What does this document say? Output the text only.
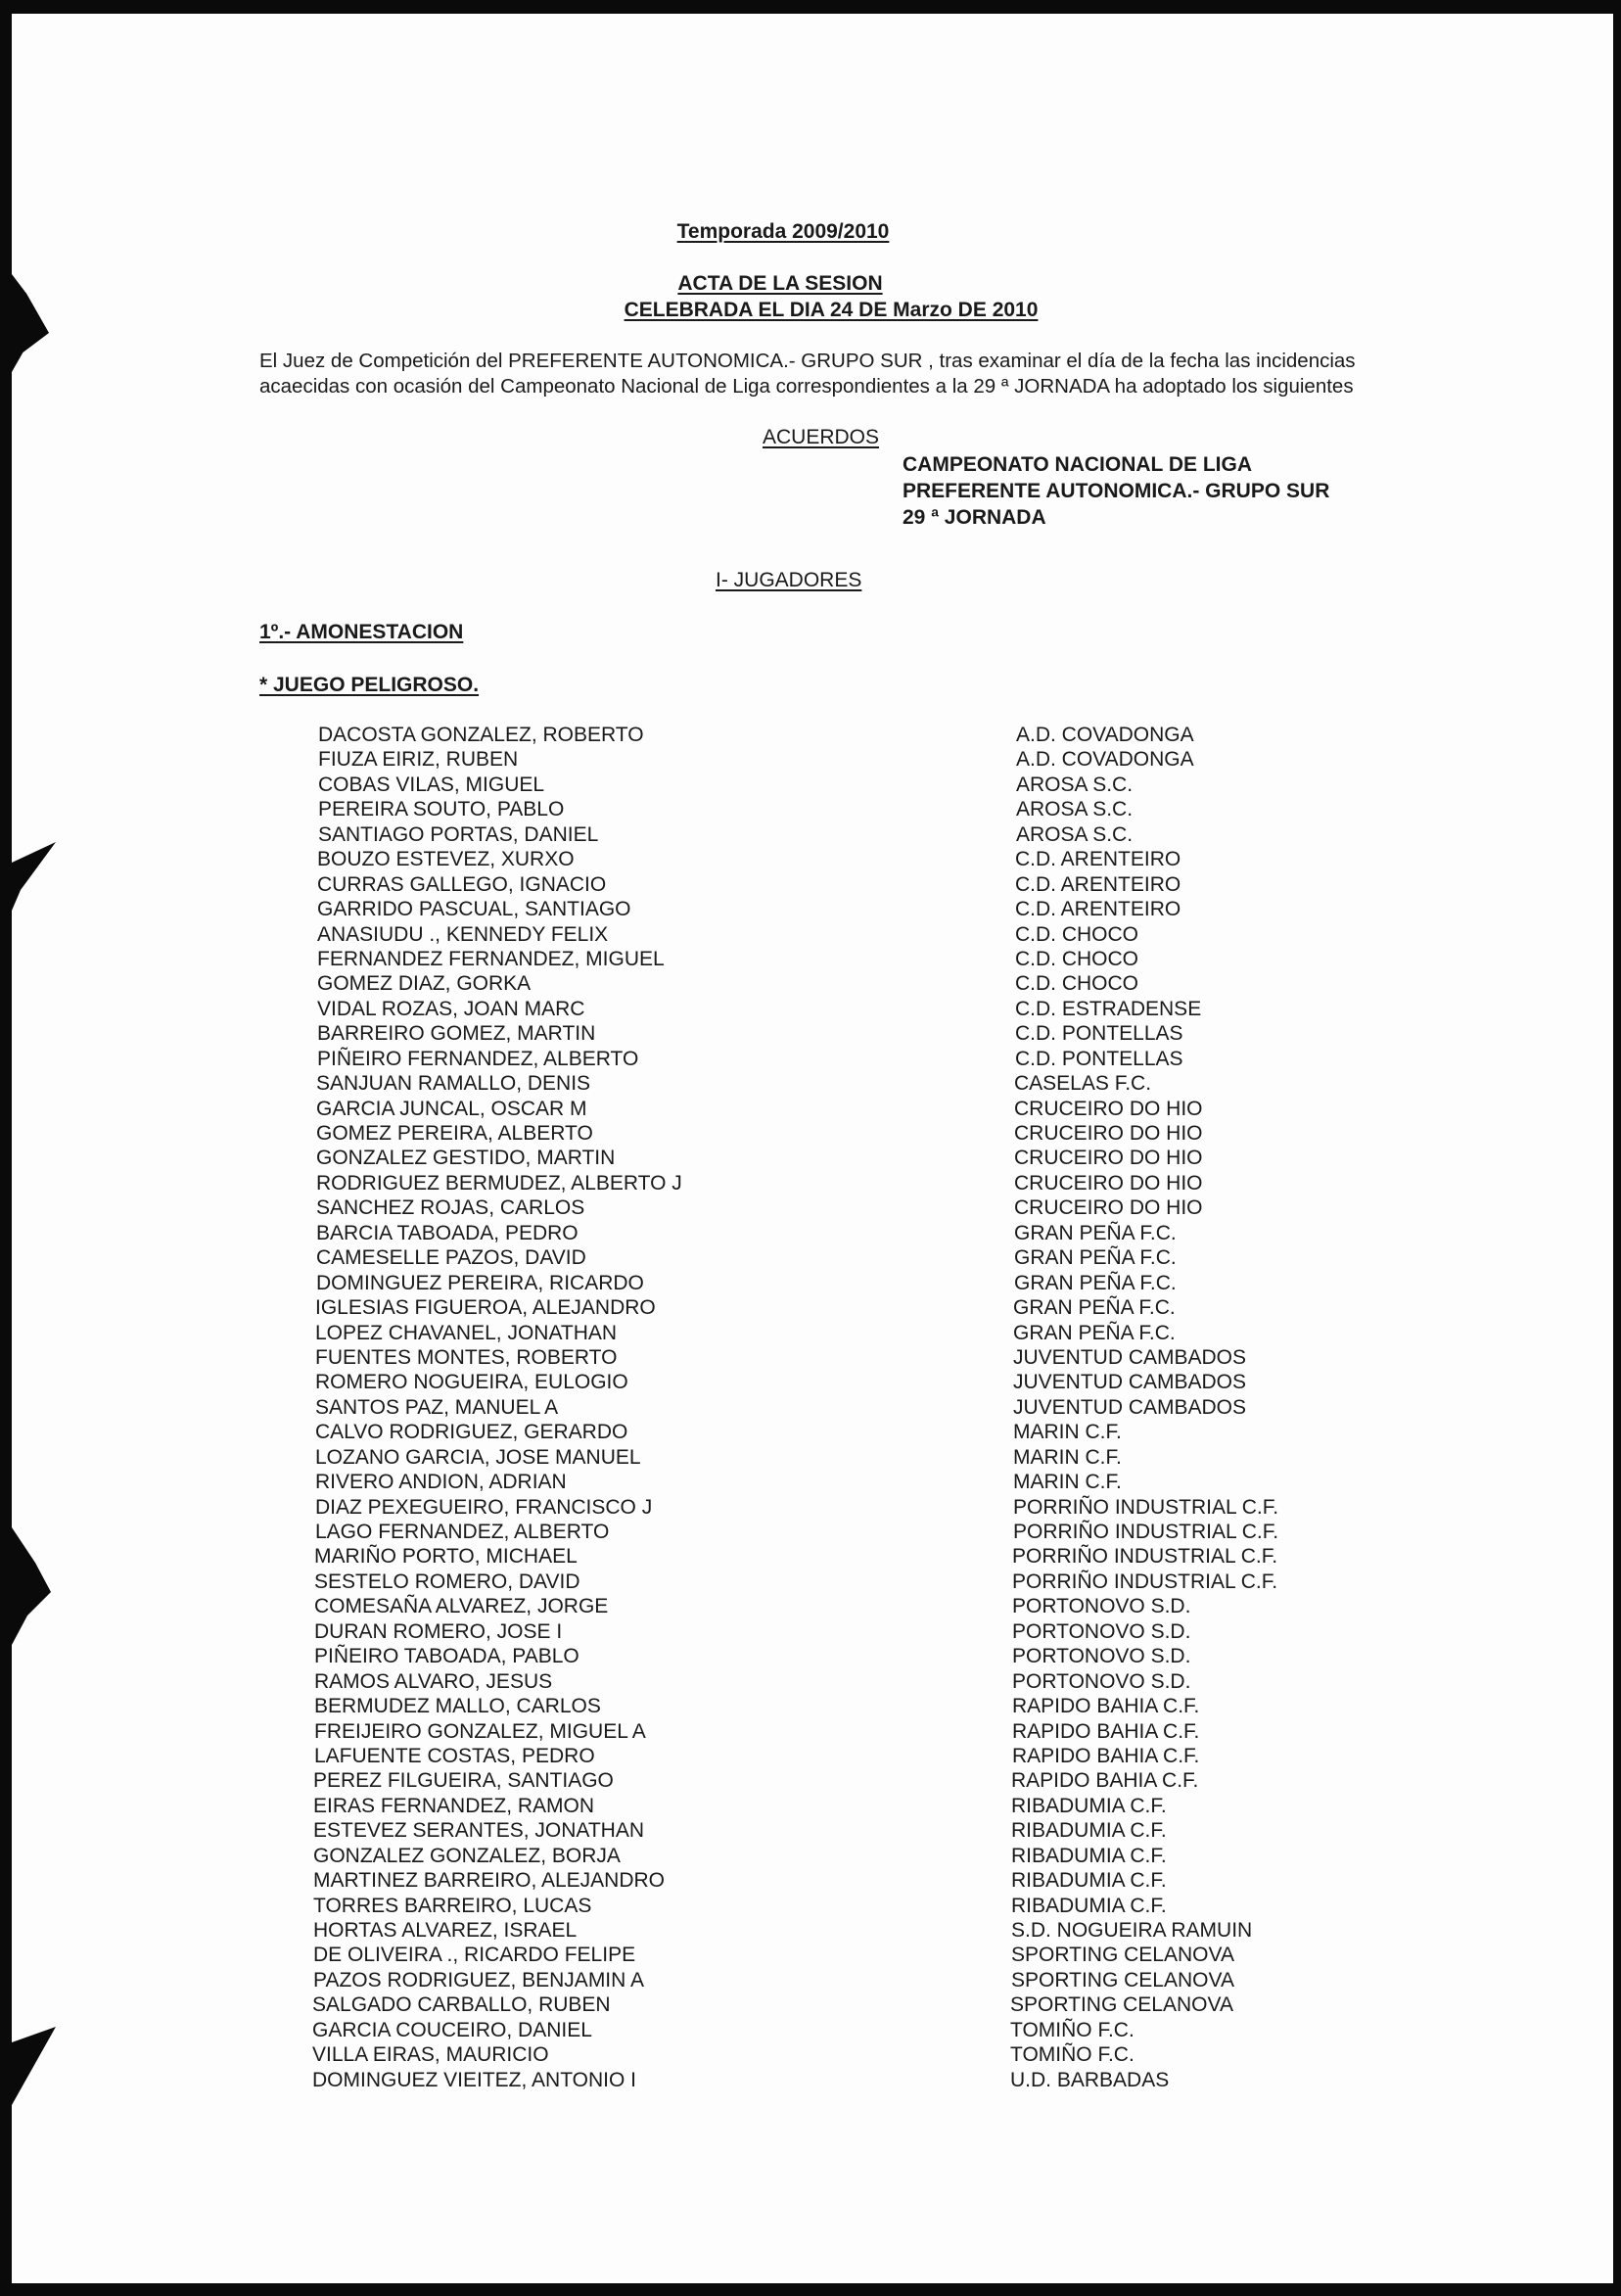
Temporada 2009/2010
ACTA DE LA SESION
CELEBRADA EL DIA 24 DE Marzo DE 2010
El Juez de Competición del PREFERENTE AUTONOMICA.- GRUPO SUR , tras examinar el día de la fecha las incidencias
acaecidas con ocasión del Campeonato Nacional de Liga correspondientes a la 29 ª JORNADA ha adoptado los siguientes
ACUERDOS
CAMPEONATO NACIONAL DE LIGA
PREFERENTE AUTONOMICA.- GRUPO SUR
29 ª JORNADA
I- JUGADORES
1º.- AMONESTACION
* JUEGO PELIGROSO.
DACOSTA GONZALEZ, ROBERTO	A.D. COVADONGA
FIUZA EIRIZ, RUBEN	A.D. COVADONGA
COBAS VILAS, MIGUEL	AROSA S.C.
PEREIRA SOUTO, PABLO	AROSA S.C.
SANTIAGO PORTAS, DANIEL	AROSA S.C.
BOUZO ESTEVEZ, XURXO	C.D. ARENTEIRO
CURRAS GALLEGO, IGNACIO	C.D. ARENTEIRO
GARRIDO PASCUAL, SANTIAGO	C.D. ARENTEIRO
ANASIUDU ., KENNEDY FELIX	C.D. CHOCO
FERNANDEZ FERNANDEZ, MIGUEL	C.D. CHOCO
GOMEZ DIAZ, GORKA	C.D. CHOCO
VIDAL ROZAS, JOAN MARC	C.D. ESTRADENSE
BARREIRO GOMEZ, MARTIN	C.D. PONTELLAS
PIÑEIRO FERNANDEZ, ALBERTO	C.D. PONTELLAS
SANJUAN RAMALLO, DENIS	CASELAS F.C.
GARCIA JUNCAL, OSCAR M	CRUCEIRO DO HIO
GOMEZ PEREIRA, ALBERTO	CRUCEIRO DO HIO
GONZALEZ GESTIDO, MARTIN	CRUCEIRO DO HIO
RODRIGUEZ BERMUDEZ, ALBERTO J	CRUCEIRO DO HIO
SANCHEZ ROJAS, CARLOS	CRUCEIRO DO HIO
BARCIA TABOADA, PEDRO	GRAN PEÑA F.C.
CAMESELLE PAZOS, DAVID	GRAN PEÑA F.C.
DOMINGUEZ PEREIRA, RICARDO	GRAN PEÑA F.C.
IGLESIAS FIGUEROA, ALEJANDRO	GRAN PEÑA F.C.
LOPEZ CHAVANEL, JONATHAN	GRAN PEÑA F.C.
FUENTES MONTES, ROBERTO	JUVENTUD CAMBADOS
ROMERO NOGUEIRA, EULOGIO	JUVENTUD CAMBADOS
SANTOS PAZ, MANUEL A	JUVENTUD CAMBADOS
CALVO RODRIGUEZ, GERARDO	MARIN C.F.
LOZANO GARCIA, JOSE MANUEL	MARIN C.F.
RIVERO ANDION, ADRIAN	MARIN C.F.
DIAZ PEXEGUEIRO, FRANCISCO J	PORRIÑO INDUSTRIAL C.F.
LAGO FERNANDEZ, ALBERTO	PORRIÑO INDUSTRIAL C.F.
MARIÑO PORTO, MICHAEL	PORRIÑO INDUSTRIAL C.F.
SESTELO ROMERO, DAVID	PORRIÑO INDUSTRIAL C.F.
COMESAÑA ALVAREZ, JORGE	PORTONOVO S.D.
DURAN ROMERO, JOSE I	PORTONOVO S.D.
PIÑEIRO TABOADA, PABLO	PORTONOVO S.D.
RAMOS ALVARO, JESUS	PORTONOVO S.D.
BERMUDEZ MALLO, CARLOS	RAPIDO BAHIA C.F.
FREIJEIRO GONZALEZ, MIGUEL A	RAPIDO BAHIA C.F.
LAFUENTE COSTAS, PEDRO	RAPIDO BAHIA C.F.
PEREZ FILGUEIRA, SANTIAGO	RAPIDO BAHIA C.F.
EIRAS FERNANDEZ, RAMON	RIBADUMIA C.F.
ESTEVEZ SERANTES, JONATHAN	RIBADUMIA C.F.
GONZALEZ GONZALEZ, BORJA	RIBADUMIA C.F.
MARTINEZ BARREIRO, ALEJANDRO	RIBADUMIA C.F.
TORRES BARREIRO, LUCAS	RIBADUMIA C.F.
HORTAS ALVAREZ, ISRAEL	S.D. NOGUEIRA RAMUIN
DE OLIVEIRA ., RICARDO FELIPE	SPORTING CELANOVA
PAZOS RODRIGUEZ, BENJAMIN A	SPORTING CELANOVA
SALGADO CARBALLO, RUBEN	SPORTING CELANOVA
GARCIA COUCEIRO, DANIEL	TOMIÑO F.C.
VILLA EIRAS, MAURICIO	TOMIÑO F.C.
DOMINGUEZ VIEITEZ, ANTONIO I	U.D. BARBADAS
